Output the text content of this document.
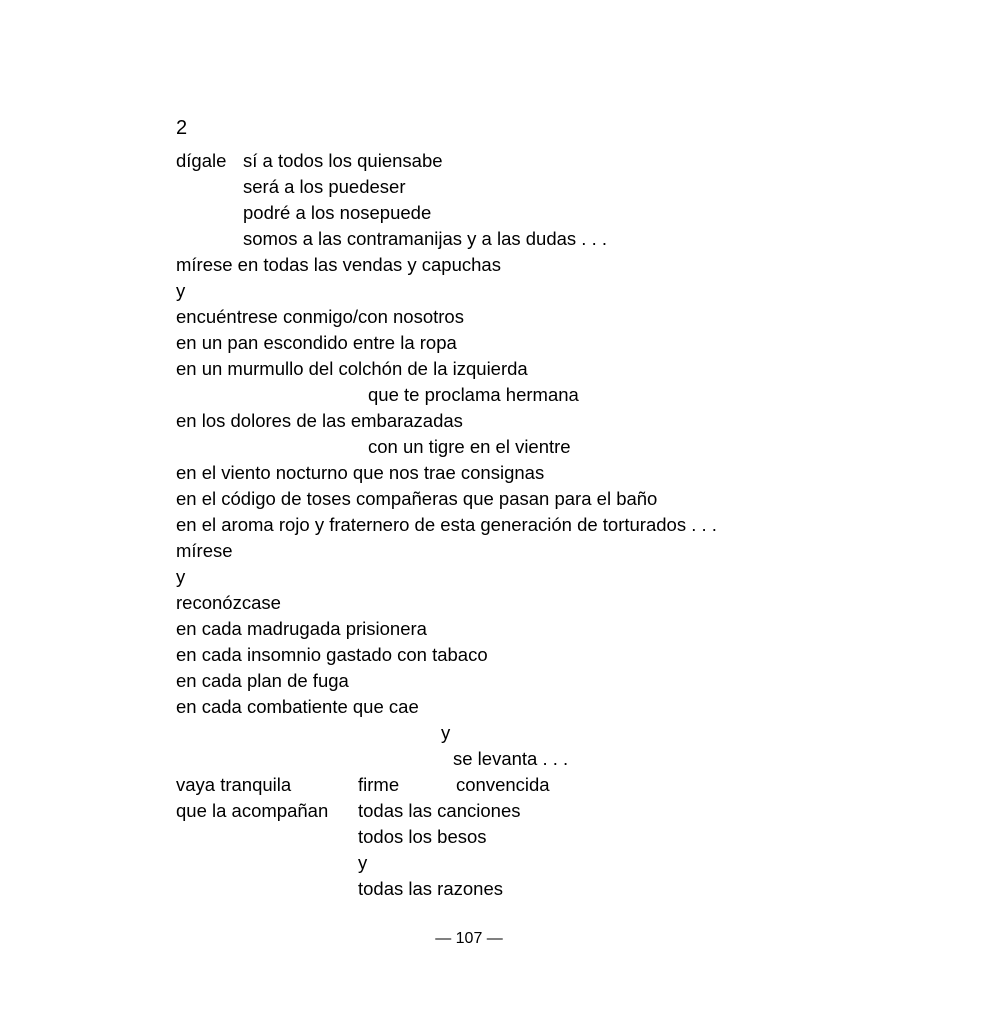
2

dígale

sí a todos los quiensabe

será a los puedeser

podré a los nosepuede

somos a las contramanijas y a las dudas . . .

mírese en todas las vendas y capuchas

y

encuéntrese conmigo/con nosotros

en un pan escondido entre la ropa

en un murmullo del colchón de la izquierda

que te proclama hermana

en los dolores de las embarazadas

con un tigre en el vientre

en el viento nocturno que nos trae consignas

en el código de toses compañeras que pasan para el baño

en el aroma rojo y fraternero de esta generación de torturados . . .

mírese

y

reconózcase

en cada madrugada prisionera

en cada insomnio gastado con tabaco

en cada plan de fuga

en cada combatiente que cae

y

se levanta . . .

vaya tranquila

	firme

	convencida

que la acompañan

todas las canciones

todos los besos

y

todas las razones

— 107 —
